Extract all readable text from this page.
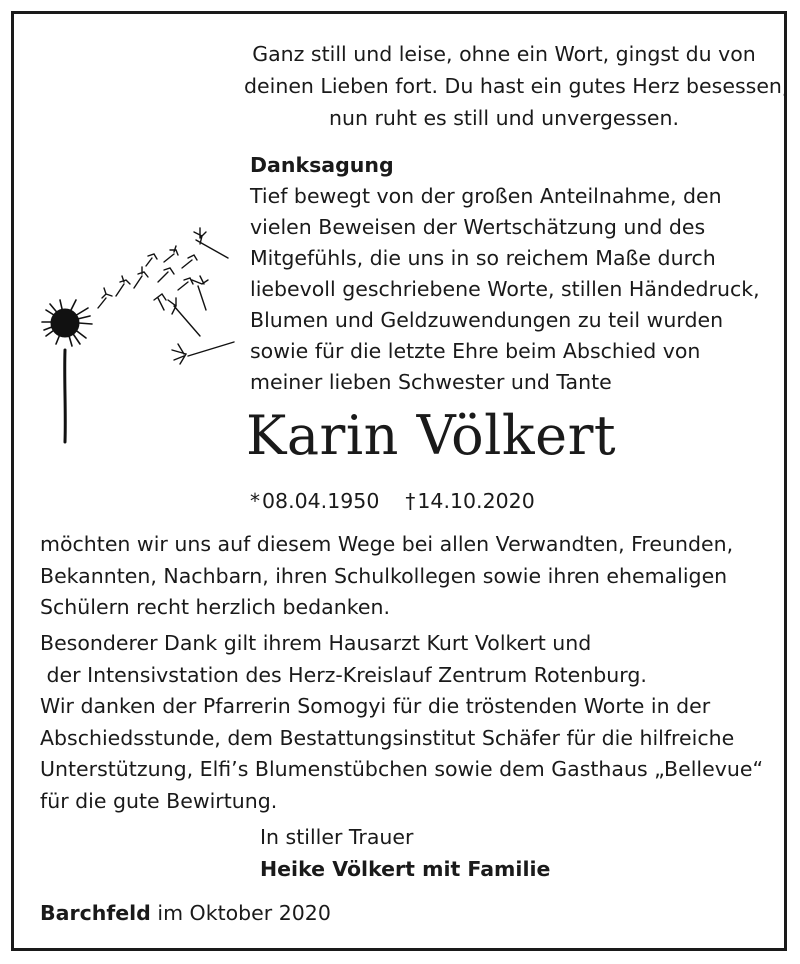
Ganz still und leise, ohne ein Wort, gingst du von
deinen Lieben fort. Du hast ein gutes Herz besessen,
nun ruht es still und unvergessen.
Danksagung
Tief bewegt von der großen Anteilnahme, den
vielen Beweisen der Wertschätzung und des
Mitgefühls, die uns in so reichem Maße durch
liebevoll geschriebene Worte, stillen Händedruck,
Blumen und Geldzuwendungen zu teil wurden
sowie für die letzte Ehre beim Abschied von
meiner lieben Schwester und Tante
Karin Völkert
*08.04.1950 †14.10.2020
möchten wir uns auf diesem Wege bei allen Verwandten, Freunden,
Bekannten, Nachbarn, ihren Schulkollegen sowie ihren ehemaligen
Schülern recht herzlich bedanken.
Besonderer Dank gilt ihrem Hausarzt Kurt Volkert und
der Intensivstation des Herz-Kreislauf Zentrum Rotenburg.
Wir danken der Pfarrerin Somogyi für die tröstenden Worte in der
Abschiedsstunde, dem Bestattungsinstitut Schäfer für die hilfreiche
Unterstützung, Elfi’s Blumenstübchen sowie dem Gasthaus „Bellevue“
für die gute Bewirtung.
In stiller Trauer
Heike Völkert mit Familie
Barchfeld im Oktober 2020
